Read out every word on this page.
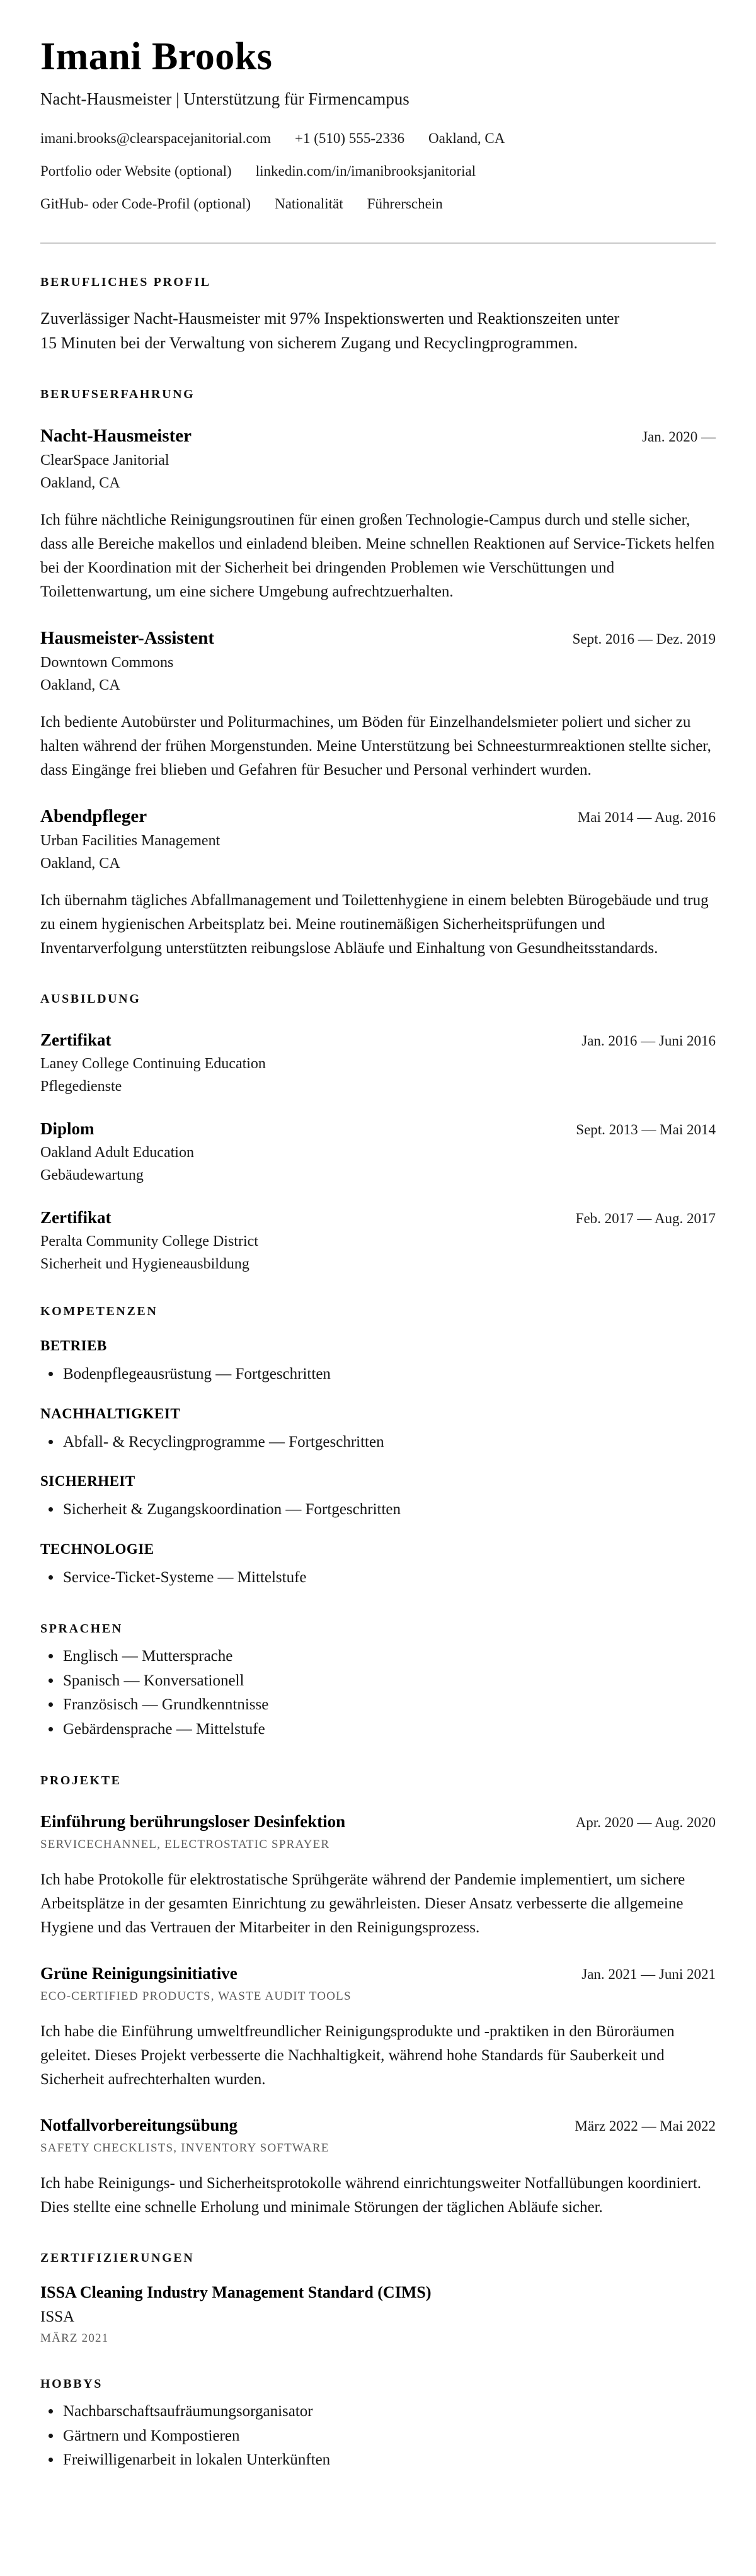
Imani Brooks
Nacht-Hausmeister | Unterstützung für Firmencampus
imani.brooks@clearspacejanitorial.com +1 (510) 555-2336 Oakland, CA
Portfolio oder Website (optional) linkedin.com/in/imanibrooksjanitorial
GitHub- oder Code-Profil (optional) Nationalität Führerschein
BERUFLICHES PROFIL

Zuverlässiger Nacht-Hausmeister mit 97% Inspektionswerten und Reaktionszeiten unter 15 Minuten bei der Verwaltung von sicherem Zugang und Recyclingprogrammen.

BERUFSERFAHRUNG
Nacht-Hausmeister	Jan. 2020 —
ClearSpace Janitorial
Oakland, CA

Ich führe nächtliche Reinigungsroutinen für einen großen Technologie-Campus durch und stelle sicher, dass alle Bereiche makellos und einladend bleiben. Meine schnellen Reaktionen auf Service-Tickets helfen bei der Koordination mit der Sicherheit bei dringenden Problemen wie Verschüttungen und Toilettenwartung, um eine sichere Umgebung aufrechtzuerhalten.

Hausmeister-Assistent	Sept. 2016 — Dez. 2019
Downtown Commons
Oakland, CA

Ich bediente Autobürster und Politurmachines, um Böden für Einzelhandelsmieter poliert und sicher zu halten während der frühen Morgenstunden. Meine Unterstützung bei Schneesturmreaktionen stellte sicher, dass Eingänge frei blieben und Gefahren für Besucher und Personal verhindert wurden.

Abendpfleger	Mai 2014 — Aug. 2016
Urban Facilities Management
Oakland, CA

Ich übernahm tägliches Abfallmanagement und Toilettenhygiene in einem belebten Bürogebäude und trug zu einem hygienischen Arbeitsplatz bei. Meine routinemäßigen Sicherheitsprüfungen und Inventarverfolgung unterstützten reibungslose Abläufe und Einhaltung von Gesundheitsstandards.

AUSBILDUNG
Zertifikat	Jan. 2016 — Juni 2016
Laney College Continuing Education
Pflegedienste
Diplom	Sept. 2013 — Mai 2014
Oakland Adult Education
Gebäudewartung
Zertifikat	Feb. 2017 — Aug. 2017
Peralta Community College District
Sicherheit und Hygieneausbildung
KOMPETENZEN
BETRIEB
• Bodenpflegeausrüstung — Fortgeschritten
NACHHALTIGKEIT
• Abfall- & Recyclingprogramme — Fortgeschritten
SICHERHEIT
• Sicherheit & Zugangskoordination — Fortgeschritten
TECHNOLOGIE
• Service-Ticket-Systeme — Mittelstufe
SPRACHEN
• Englisch — Muttersprache
• Spanisch — Konversationell
• Französisch — Grundkenntnisse
• Gebärdensprache — Mittelstufe
PROJEKTE
Einführung berührungsloser Desinfektion	Apr. 2020 — Aug. 2020
SERVICECHANNEL, ELECTROSTATIC SPRAYER

Ich habe Protokolle für elektrostatische Sprühgeräte während der Pandemie implementiert, um sichere Arbeitsplätze in der gesamten Einrichtung zu gewährleisten. Dieser Ansatz verbesserte die allgemeine Hygiene und das Vertrauen der Mitarbeiter in den Reinigungsprozess.

Grüne Reinigungsinitiative	Jan. 2021 — Juni 2021
ECO-CERTIFIED PRODUCTS, WASTE AUDIT TOOLS

Ich habe die Einführung umweltfreundlicher Reinigungsprodukte und -praktiken in den Büroräumen geleitet. Dieses Projekt verbesserte die Nachhaltigkeit, während hohe Standards für Sauberkeit und Sicherheit aufrechterhalten wurden.

Notfallvorbereitungsübung	März 2022 — Mai 2022
SAFETY CHECKLISTS, INVENTORY SOFTWARE

Ich habe Reinigungs- und Sicherheitsprotokolle während einrichtungsweiter Notfallübungen koordiniert. Dies stellte eine schnelle Erholung und minimale Störungen der täglichen Abläufe sicher.

ZERTIFIZIERUNGEN
ISSA Cleaning Industry Management Standard (CIMS)
ISSA
MÄRZ 2021
HOBBYS
• Nachbarschaftsaufräumungsorganisator
• Gärtnern und Kompostieren
• Freiwilligenarbeit in lokalen Unterkünften
